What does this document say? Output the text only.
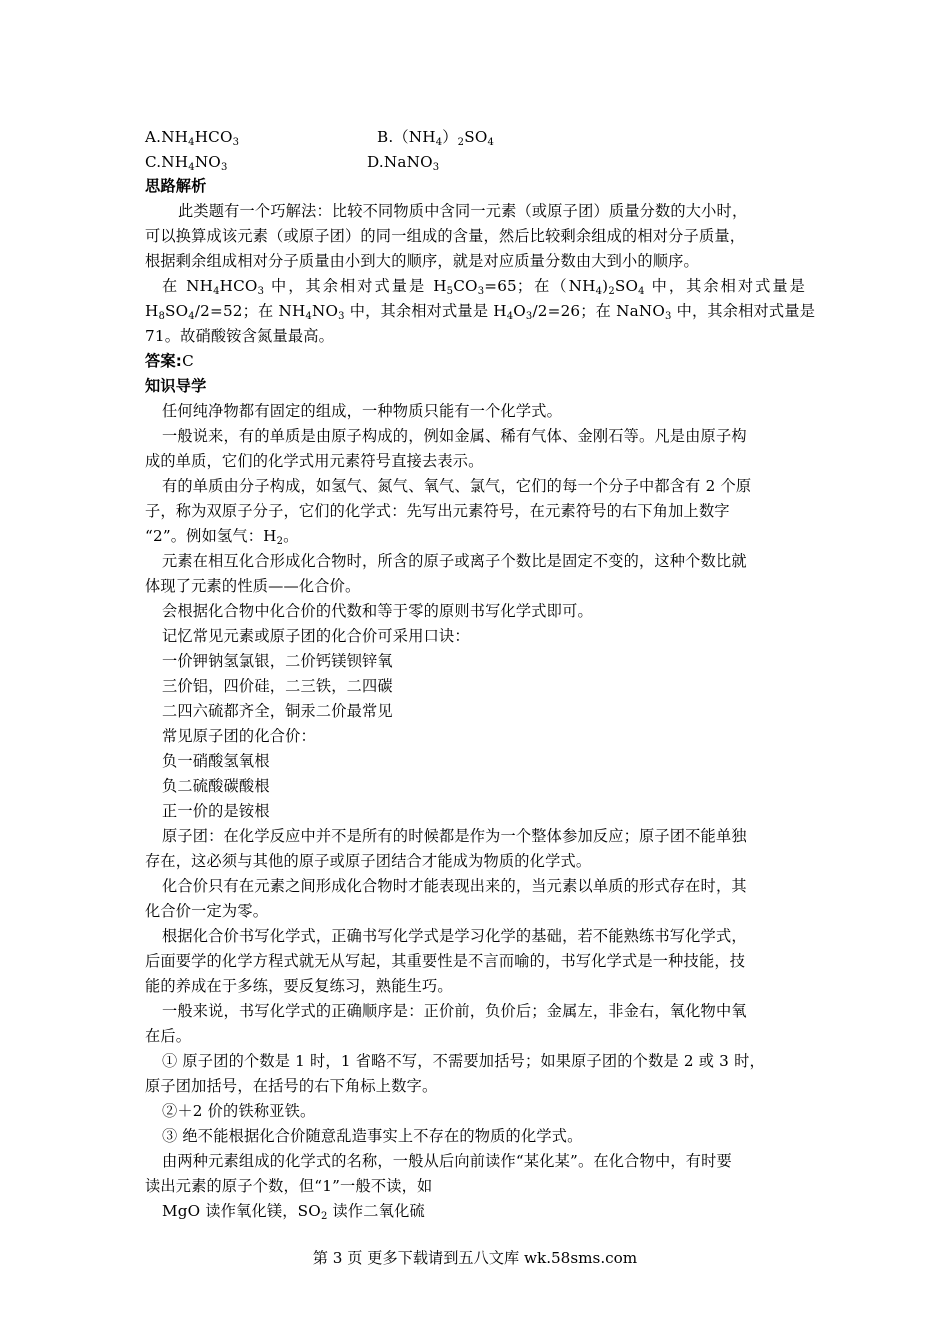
$A.NH_4HCO_3$	$B.(NH_4)_2SO_4$
$C.NH_4NO_3$	D.NaNO$_3$
思路解析
此类题有一个巧解法：比较不同物质中含同一元素（或原子团）质量分数的大小时，
可以换算成该元素（或原子团）的同一组成的含量，然后比较剩余组成的相对分子质量，
根据剩余组成相对分子质量由小到大的顺序，就是对应质量分数由大到小的顺序。
在 $NH_4HCO_3$ 中，其余相对式量是 $H_5CO_3=65$；在$(NH_4)_2SO_4$ 中，其余相对式量是
$H_8SO_4/2=52$；在 $NH_4NO_3$ 中，其余相对式量是 $H_4O_3/2=26$；在 NaNO$_3$ 中，其余相对式量是
71。故硝酸铵含氮量最高。
答案:C
知识导学
任何纯净物都有固定的组成，一种物质只能有一个化学式。
一般说来，有的单质是由原子构成的，例如金属、稀有气体、金刚石等。凡是由原子构
成的单质，它们的化学式用元素符号直接去表示。
有的单质由分子构成，如氢气、氮气、氧气、氯气，它们的每一个分子中都含有 2 个原
子，称为双原子分子，它们的化学式：先写出元素符号，在元素符号的右下角加上数字
“2”。例如氢气：$H_2$。
元素在相互化合形成化合物时，所含的原子或离子个数比是固定不变的，这种个数比就
体现了元素的性质——化合价。
会根据化合物中化合价的代数和等于零的原则书写化学式即可。
记忆常见元素或原子团的化合价可采用口诀：
一价钾钠氢氯银，二价钙镁钡锌氧
三价铝，四价硅，二三铁，二四碳
二四六硫都齐全，铜汞二价最常见
常见原子团的化合价：
负一硝酸氢氧根
负二硫酸碳酸根
正一价的是铵根
原子团：在化学反应中并不是所有的时候都是作为一个整体参加反应；原子团不能单独
存在，这必须与其他的原子或原子团结合才能成为物质的化学式。
化合价只有在元素之间形成化合物时才能表现出来的，当元素以单质的形式存在时，其
化合价一定为零。
根据化合价书写化学式，正确书写化学式是学习化学的基础，若不能熟练书写化学式，
后面要学的化学方程式就无从写起，其重要性是不言而喻的，书写化学式是一种技能，技
能的养成在于多练，要反复练习，熟能生巧。
一般来说，书写化学式的正确顺序是：正价前，负价后；金属左，非金右，氧化物中氧
在后。
① 原子团的个数是 1 时，1 省略不写，不需要加括号；如果原子团的个数是 2 或 3 时，
原子团加括号，在括号的右下角标上数字。
②＋2 价的铁称亚铁。
③ 绝不能根据化合价随意乱造事实上不存在的物质的化学式。
由两种元素组成的化学式的名称，一般从后向前读作“某化某”。在化合物中，有时要
读出元素的原子个数，但“1”一般不读，如
MgO 读作氧化镁，$SO_2$ 读作二氧化硫
第 3 页 更多下载请到五八文库 wk.58sms.com
